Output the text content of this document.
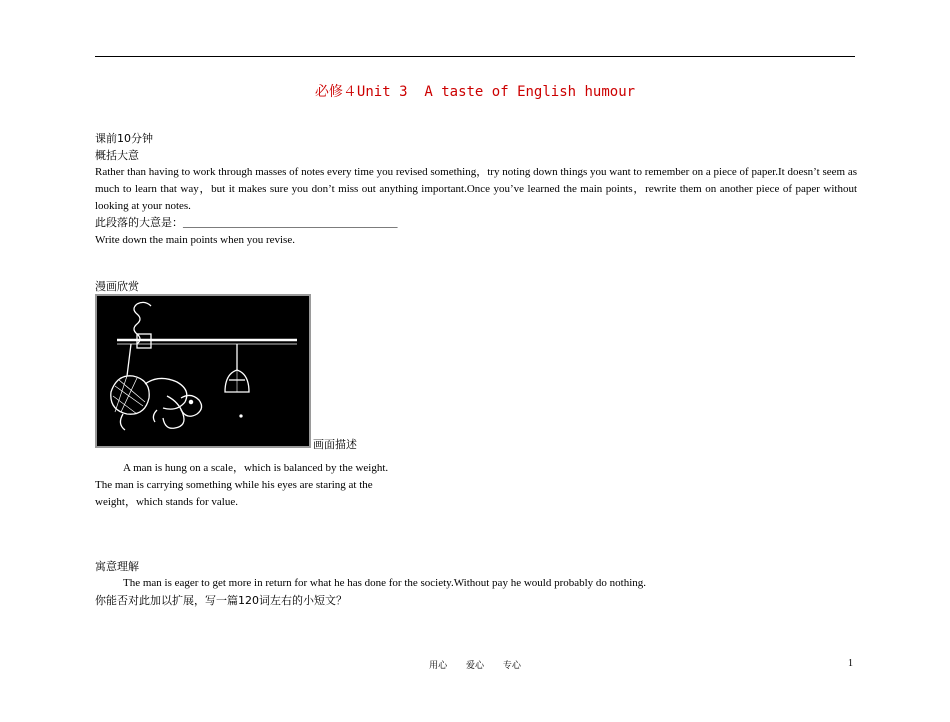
必修４Unit 3  A taste of English humour
课前10分钟
概括大意
Rather than having to work through masses of notes every time you revised something，try noting down things you want to remember on a piece of paper.It doesn’t seem as much to learn that way，but it makes sure you don’t miss out anything important.Once you’ve learned the main points，rewrite them on another piece of paper without looking at your notes.
此段落的大意是：_______________________________________
Write down the main points when you revise.
漫画欣赏
画面描述
A man is hung on a scale，which is balanced by the weight.
The man is carrying something while his eyes are staring at the
weight，which stands for value.
寓意理解
The man is eager to get more in return for what he has done for the society.Without pay he would probably do nothing.
你能否对此加以扩展，写一篇120词左右的小短文？
用心 爱心 专心	1
